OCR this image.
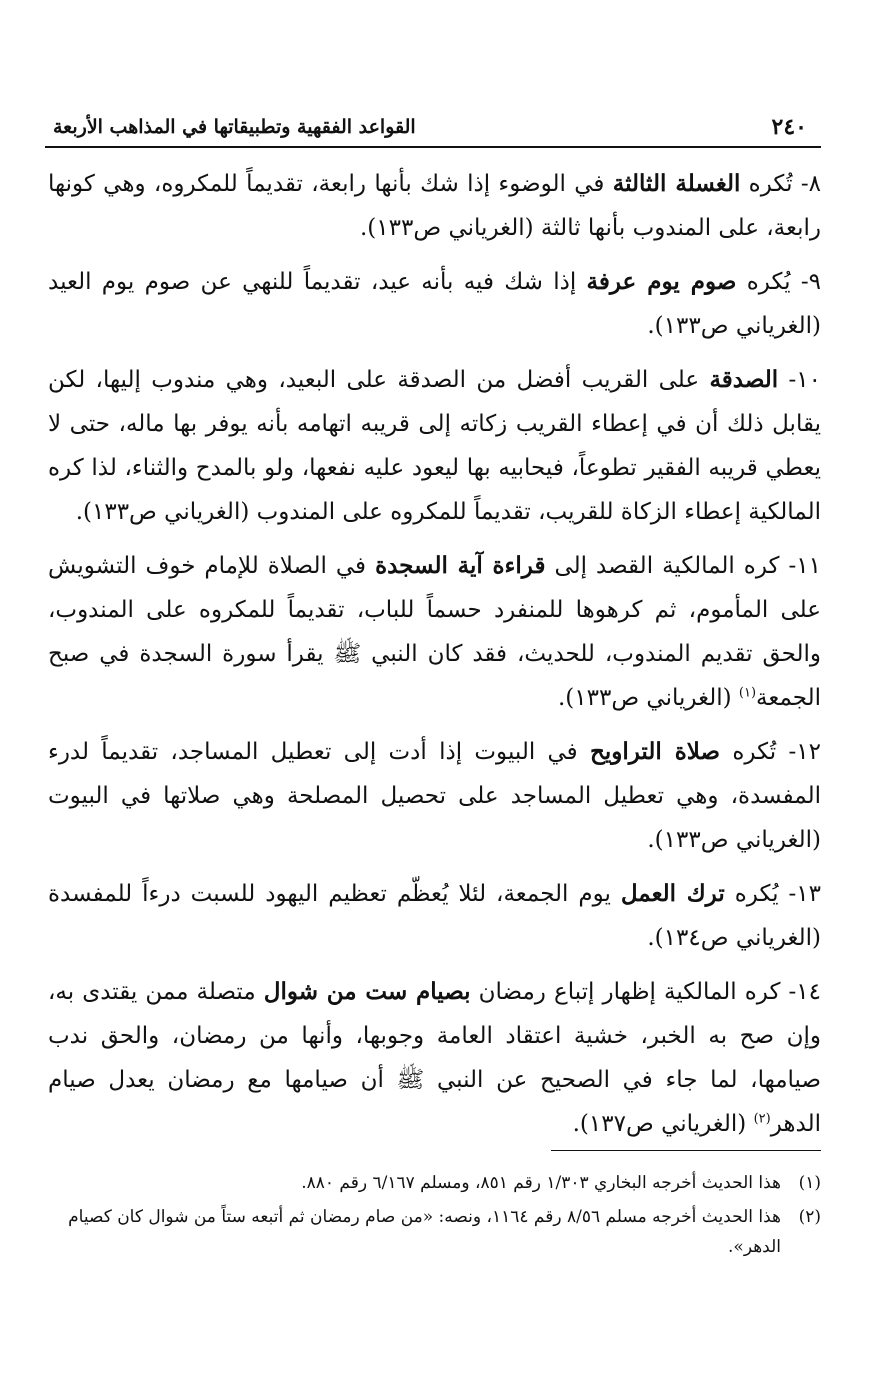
٢٤٠
القواعد الفقهية وتطبيقاتها في المذاهب الأربعة

٨- تُكره الغسلة الثالثة في الوضوء إذا شك بأنها رابعة، تقديماً للمكروه، وهي كونها رابعة، على المندوب بأنها ثالثة (الغرياني ص١٣٣).

٩- يُكره صوم يوم عرفة إذا شك فيه بأنه عيد، تقديماً للنهي عن صوم يوم العيد (الغرياني ص١٣٣).

١٠- الصدقة على القريب أفضل من الصدقة على البعيد، وهي مندوب إليها، لكن يقابل ذلك أن في إعطاء القريب زكاته إلى قريبه اتهامه بأنه يوفر بها ماله، حتى لا يعطي قريبه الفقير تطوعاً، فيحابيه بها ليعود عليه نفعها، ولو بالمدح والثناء، لذا كره المالكية إعطاء الزكاة للقريب، تقديماً للمكروه على المندوب (الغرياني ص١٣٣).

١١- كره المالكية القصد إلى قراءة آية السجدة في الصلاة للإمام خوف التشويش على المأموم، ثم كرهوها للمنفرد حسماً للباب، تقديماً للمكروه على المندوب، والحق تقديم المندوب، للحديث، فقد كان النبي ﷺ يقرأ سورة السجدة في صبح الجمعة$^{(١)}$ (الغرياني ص١٣٣).

١٢- تُكره صلاة التراويح في البيوت إذا أدت إلى تعطيل المساجد، تقديماً لدرء المفسدة، وهي تعطيل المساجد على تحصيل المصلحة وهي صلاتها في البيوت (الغرياني ص١٣٣).

١٣- يُكره ترك العمل يوم الجمعة، لئلا يُعظّم تعظيم اليهود للسبت درءاً للمفسدة (الغرياني ص١٣٤).

١٤- كره المالكية إظهار إتباع رمضان بصيام ست من شوال متصلة ممن يقتدى به، وإن صح به الخبر، خشية اعتقاد العامة وجوبها، وأنها من رمضان، والحق ندب صيامها، لما جاء في الصحيح عن النبي ﷺ أن صيامها مع رمضان يعدل صيام الدهر$^{(٢)}$ (الغرياني ص١٣٧).

(١)هذا الحديث أخرجه البخاري ١/٣٠٣ رقم ٨٥١، ومسلم ٦/١٦٧ رقم ٨٨٠.

(٢)هذا الحديث أخرجه مسلم ٨/٥٦ رقم ١١٦٤، ونصه: «من صام رمضان ثم أتبعه ستاً من شوال كان كصيام الدهر».
